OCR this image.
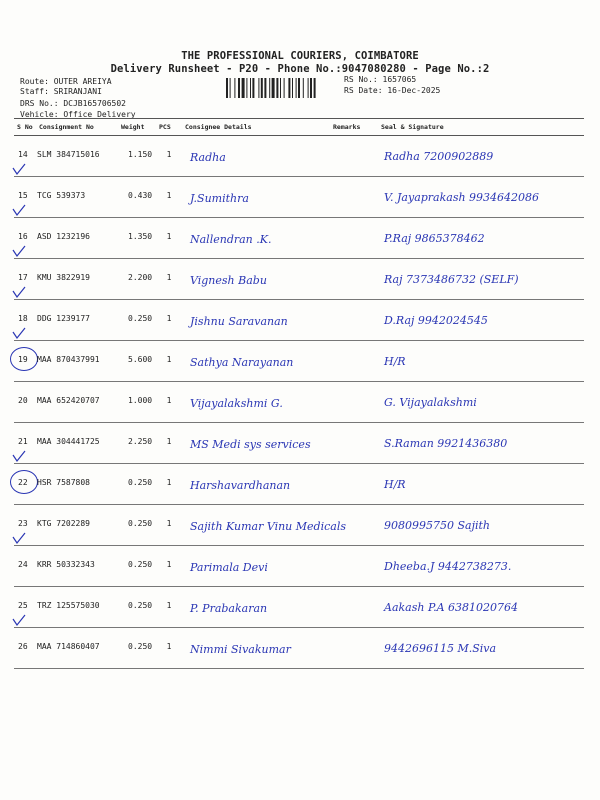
THE PROFESSIONAL COURIERS, COIMBATORE
Delivery Runsheet - P20 - Phone No.:9047080280 - Page No.:2
Route: OUTER AREIYA
Staff: SRIRANJANI
DRS No.: DCJB165706502
RS No.: 1657065
RS Date: 16-Dec-2025
Vehicle: Office Delivery
S No	Consignment No	Weight	PCS	Consignee Details	Remarks	Seal & Signature
14	SLM 384715016	1.150	1	Radha		Radha 7200902889

15	TCG 539373	0.430	1	J.Sumithra		V. Jayaprakash 9934642086

16	ASD 1232196	1.350	1	Nallendran .K.		P.Raj 9865378462

17	KMU 3822919	2.200	1	Vignesh Babu		Raj 7373486732 (SELF)

18	DDG 1239177	0.250	1	Jishnu Saravanan		D.Raj 9942024545

19	MAA 870437991	5.600	1	Sathya Narayanan		H/R

20	MAA 652420707	1.000	1	Vijayalakshmi G.		G. Vijayalakshmi

21	MAA 304441725	2.250	1	MS Medi sys services		S.Raman 9921436380

22	HSR 7587808	0.250	1	Harshavardhanan		H/R

23	KTG 7202289	0.250	1	Sajith Kumar Vinu Medicals		9080995750 Sajith

24	KRR 50332343	0.250	1	Parimala Devi		Dheeba.J 9442738273.

25	TRZ 125575030	0.250	1	P. Prabakaran		Aakash P.A 6381020764

26	MAA 714860407	0.250	1	Nimmi Sivakumar		9442696115 M.Siva
